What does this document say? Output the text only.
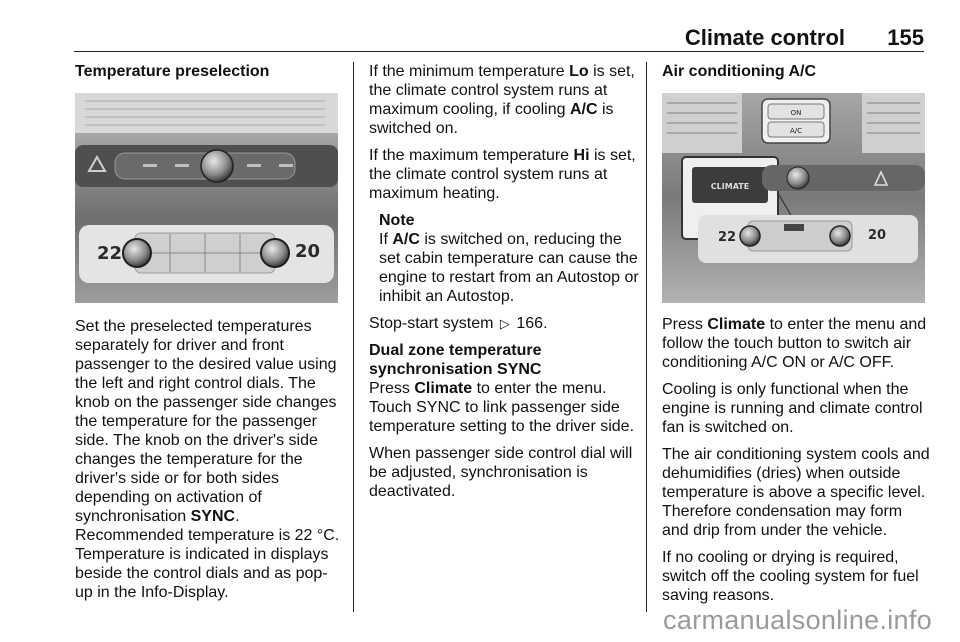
Climate control 155

Temperature preselection

22	20

Set the preselected temperatures separately for driver and front passenger to the desired value using the left and right control dials. The knob on the passenger side changes the temperature for the passenger side. The knob on the driver's side changes the temperature for the driver's side or for both sides depending on activation of synchronisation SYNC.

Recommended temperature is 22 °C. Temperature is indicated in displays beside the control dials and as pop-up in the Info-Display.

If the minimum temperature Lo is set, the climate control system runs at maximum cooling, if cooling A/C is switched on.

If the maximum temperature Hi is set, the climate control system runs at maximum heating.

Note
If A/C is switched on, reducing the set cabin temperature can cause the engine to restart from an Autostop or inhibit an Autostop.

Stop-start system ▷ 166.

Dual zone temperature
synchronisation SYNC

Press Climate to enter the menu. Touch SYNC to link passenger side temperature setting to the driver side.

When passenger side control dial will be adjusted, synchronisation is deactivated.

Air conditioning A/C

ON
A/C
CLIMATE
22	20

Press Climate to enter the menu and follow the touch button to switch air conditioning A/C ON or A/C OFF.

Cooling is only functional when the engine is running and climate control fan is switched on.

The air conditioning system cools and dehumidifies (dries) when outside temperature is above a specific level. Therefore condensation may form and drip from under the vehicle.

If no cooling or drying is required, switch off the cooling system for fuel saving reasons.

carmanualsonline.info
